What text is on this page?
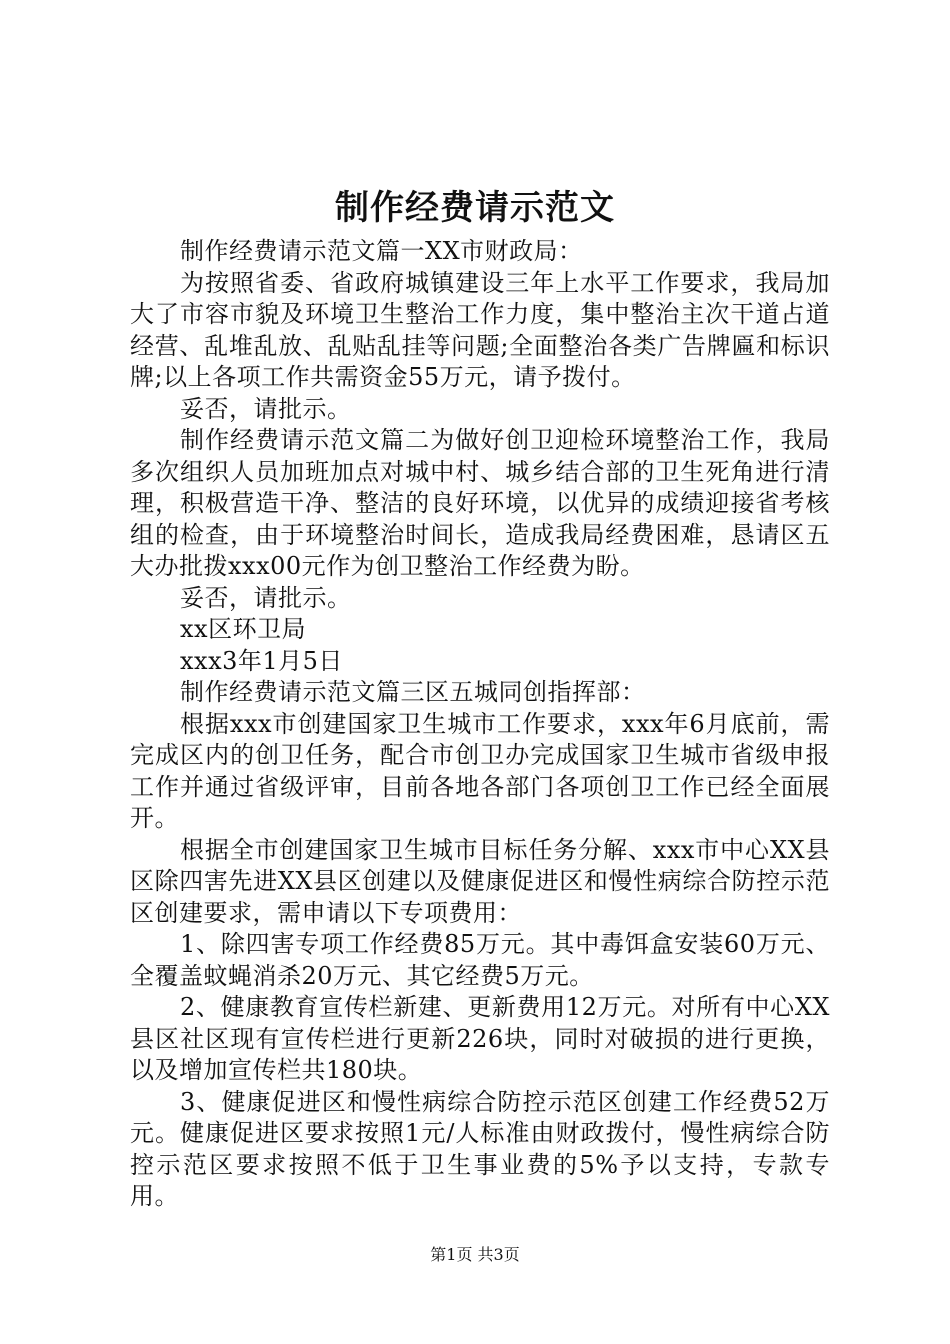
制作经费请示范文

制作经费请示范文篇一XX市财政局：

为按照省委、省政府城镇建设三年上水平工作要求，我局加大了市容市貌及环境卫生整治工作力度，集中整治主次干道占道经营、乱堆乱放、乱贴乱挂等问题;全面整治各类广告牌匾和标识牌;以上各项工作共需资金55万元，请予拨付。

妥否，请批示。

制作经费请示范文篇二为做好创卫迎检环境整治工作，我局多次组织人员加班加点对城中村、城乡结合部的卫生死角进行清理，积极营造干净、整洁的良好环境，以优异的成绩迎接省考核组的检查，由于环境整治时间长，造成我局经费困难，恳请区五大办批拨xxx00元作为创卫整治工作经费为盼。

妥否，请批示。

xx区环卫局

xxx3年1月5日

制作经费请示范文篇三区五城同创指挥部：

根据xxx市创建国家卫生城市工作要求，xxx年6月底前，需完成区内的创卫任务，配合市创卫办完成国家卫生城市省级申报工作并通过省级评审，目前各地各部门各项创卫工作已经全面展开。

根据全市创建国家卫生城市目标任务分解、xxx市中心XX县区除四害先进XX县区创建以及健康促进区和慢性病综合防控示范区创建要求，需申请以下专项费用：

1、除四害专项工作经费85万元。其中毒饵盒安装60万元、全覆盖蚊蝇消杀20万元、其它经费5万元。

2、健康教育宣传栏新建、更新费用12万元。对所有中心XX县区社区现有宣传栏进行更新226块，同时对破损的进行更换，以及增加宣传栏共180块。

3、健康促进区和慢性病综合防控示范区创建工作经费52万元。健康促进区要求按照1元/人标准由财政拨付，慢性病综合防控示范区要求按照不低于卫生事业费的5%予以支持，专款专用。

第1页 共3页
